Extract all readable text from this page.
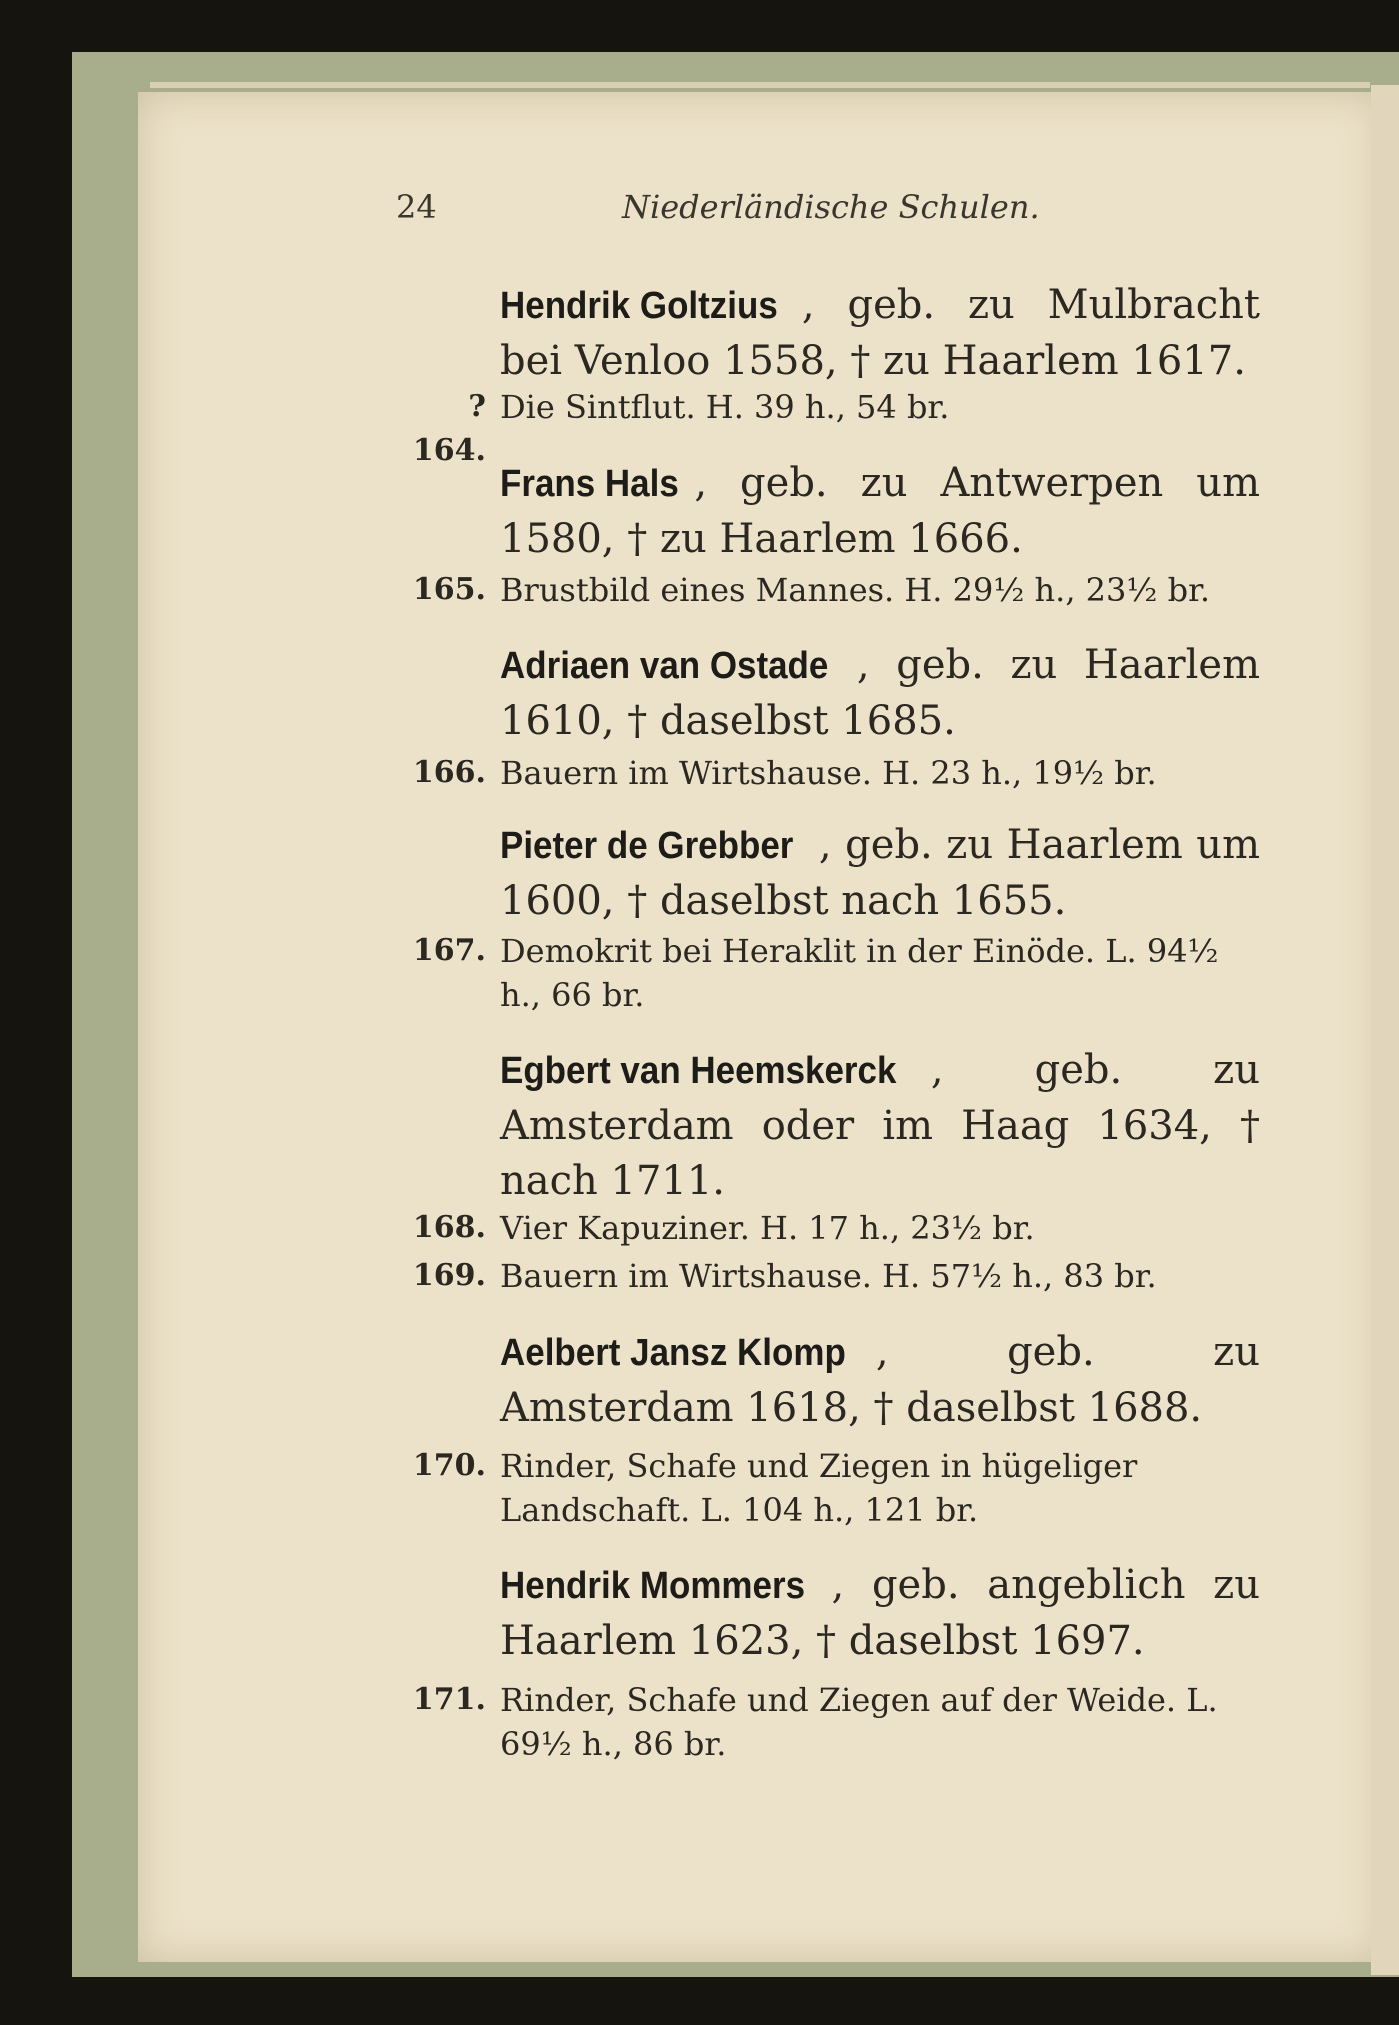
24	Niederländische Schulen.
Hendrik Goltzius , geb. zu Mulbracht bei Venloo 1558, † zu Haarlem 1617.
? 164.
Die Sintflut. H. 39 h., 54 br.
Frans Hals , geb. zu Antwerpen um 1580, † zu Haarlem 1666.
165. Brustbild eines Mannes. H. 29½ h., 23½ br.
Adriaen van Ostade , geb. zu Haarlem 1610, † daselbst 1685.
166. Bauern im Wirtshause. H. 23 h., 19½ br.
Pieter de Grebber , geb. zu Haarlem um 1600, † daselbst nach 1655.
167. Demokrit bei Heraklit in der Einöde. L. 94½ h., 66 br.
Egbert van Heemskerck , geb. zu Amsterdam oder im Haag 1634, † nach 1711.
168. Vier Kapuziner. H. 17 h., 23½ br.
169. Bauern im Wirtshause. H. 57½ h., 83 br.
Aelbert Jansz Klomp , geb. zu Amsterdam 1618, † daselbst 1688.
170. Rinder, Schafe und Ziegen in hügeliger Landschaft. L. 104 h., 121 br.
Hendrik Mommers , geb. angeblich zu Haarlem 1623, † daselbst 1697.
171. Rinder, Schafe und Ziegen auf der Weide. L. 69½ h., 86 br.
